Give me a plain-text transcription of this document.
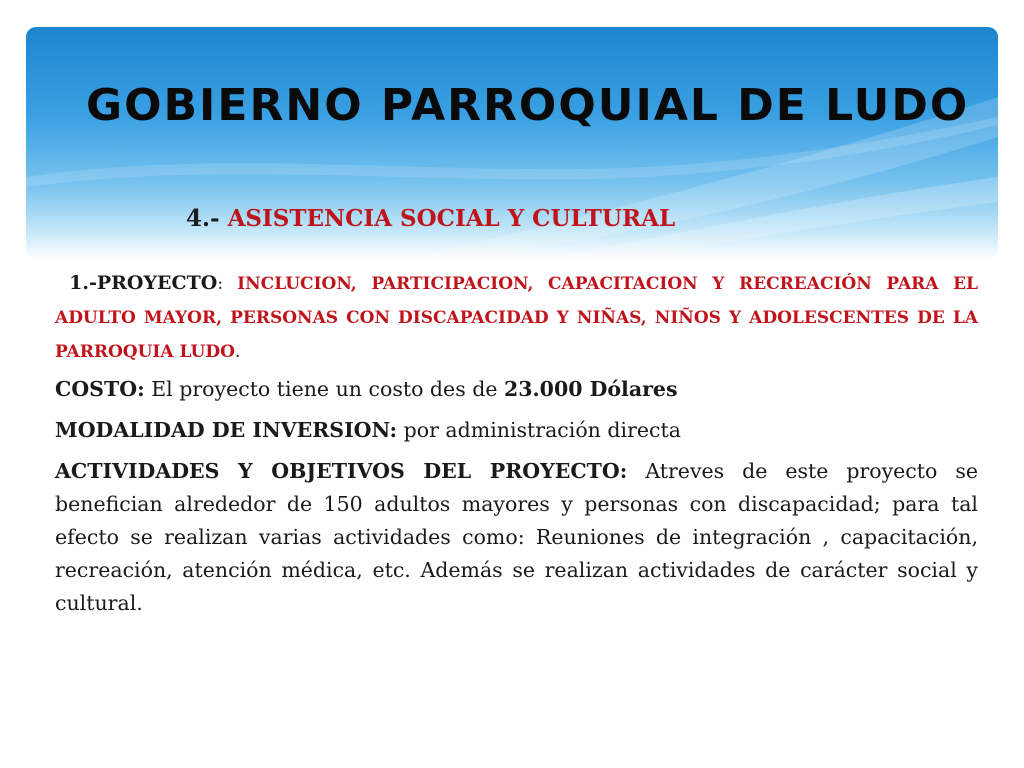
GOBIERNO PARROQUIAL DE LUDO
4.- ASISTENCIA SOCIAL Y CULTURAL

1.-PROYECTO: INCLUCION, PARTICIPACION, CAPACITACION Y RECREACIÓN PARA EL ADULTO MAYOR, PERSONAS CON DISCAPACIDAD Y NIÑAS, NIÑOS Y ADOLESCENTES DE LA PARROQUIA LUDO.

COSTO: El proyecto tiene un costo des de 23.000 Dólares

MODALIDAD DE INVERSION: por administración directa

ACTIVIDADES Y OBJETIVOS DEL PROYECTO: Atreves de este proyecto se benefician alrededor de 150 adultos mayores y personas con discapacidad; para tal efecto se realizan varias actividades como: Reuniones de integración , capacitación, recreación, atención médica, etc. Además se realizan actividades de carácter social y cultural.
